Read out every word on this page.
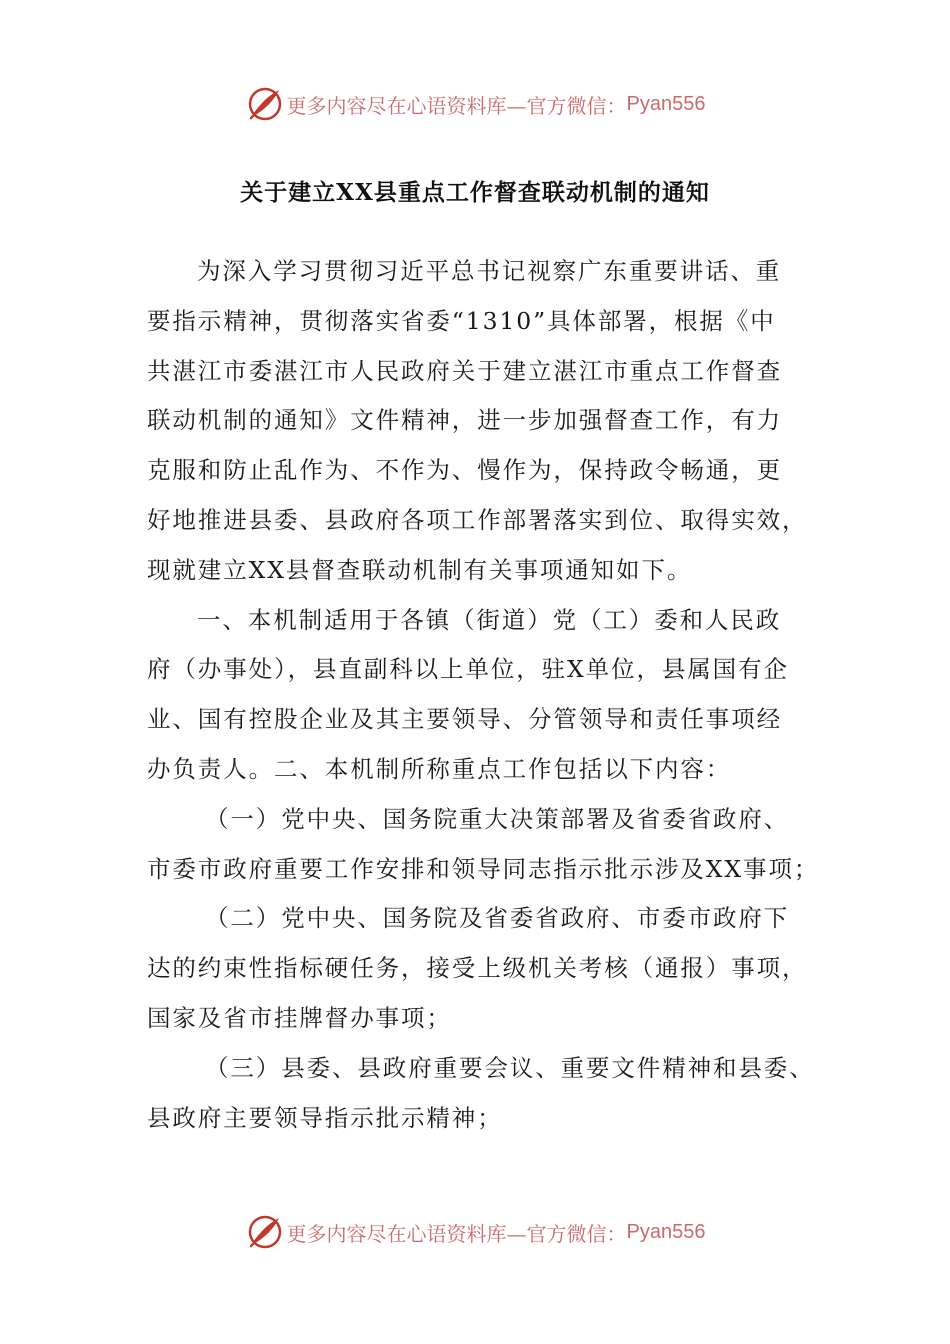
更多内容尽在心语资料库—官方微信： Pyan556
关于建立XX县重点工作督查联动机制的通知
为深入学习贯彻习近平总书记视察广东重要讲话、重
要指示精神，贯彻落实省委“1310”具体部署，根据《中
共湛江市委湛江市人民政府关于建立湛江市重点工作督查
联动机制的通知》文件精神，进一步加强督查工作，有力
克服和防止乱作为、不作为、慢作为，保持政令畅通，更
好地推进县委、县政府各项工作部署落实到位、取得实效，
现就建立XX县督查联动机制有关事项通知如下。
一、本机制适用于各镇（街道）党（工）委和人民政
府（办事处），县直副科以上单位，驻X单位，县属国有企
业、国有控股企业及其主要领导、分管领导和责任事项经
办负责人。二、本机制所称重点工作包括以下内容：
（一）党中央、国务院重大决策部署及省委省政府、
市委市政府重要工作安排和领导同志指示批示涉及XX事项；
（二）党中央、国务院及省委省政府、市委市政府下
达的约束性指标硬任务，接受上级机关考核（通报）事项，
国家及省市挂牌督办事项；
（三）县委、县政府重要会议、重要文件精神和县委、
县政府主要领导指示批示精神；
更多内容尽在心语资料库—官方微信： Pyan556
